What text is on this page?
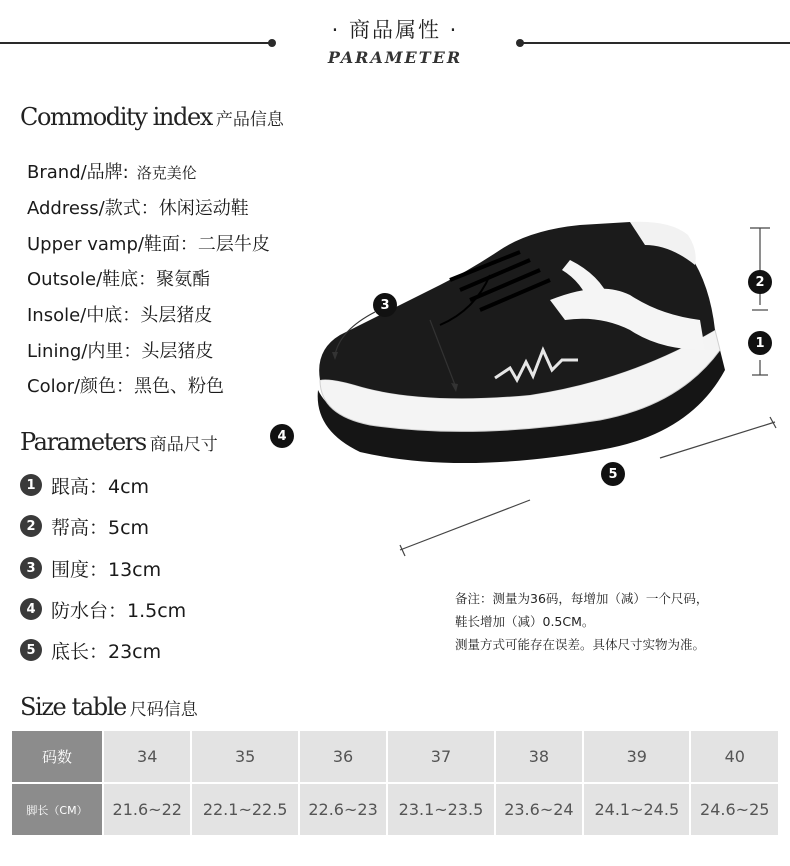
· 商品属性 ·
PARAMETER
Commodity index 产品信息
Brand/品牌: 洛克美伦
Address/款式：休闲运动鞋
Upper vamp/鞋面：二层牛皮
Outsole/鞋底：聚氨酯
Insole/中底：头层猪皮
Lining/内里：头层猪皮
Color/颜色：黑色、粉色
Parameters 商品尺寸
1 跟高：4cm
2 帮高：5cm
3 围度：13cm
4 防水台：1.5cm
5 底长：23cm
2
1
3
4
5
备注：测量为36码，每增加（减）一个尺码，
鞋长增加（减）0.5CM。
测量方式可能存在误差。具体尺寸实物为准。
Size table 尺码信息
码数	34	35	36	37	38	39	40
脚长（CM）	21.6~22	22.1~22.5	22.6~23	23.1~23.5	23.6~24	24.1~24.5	24.6~25
